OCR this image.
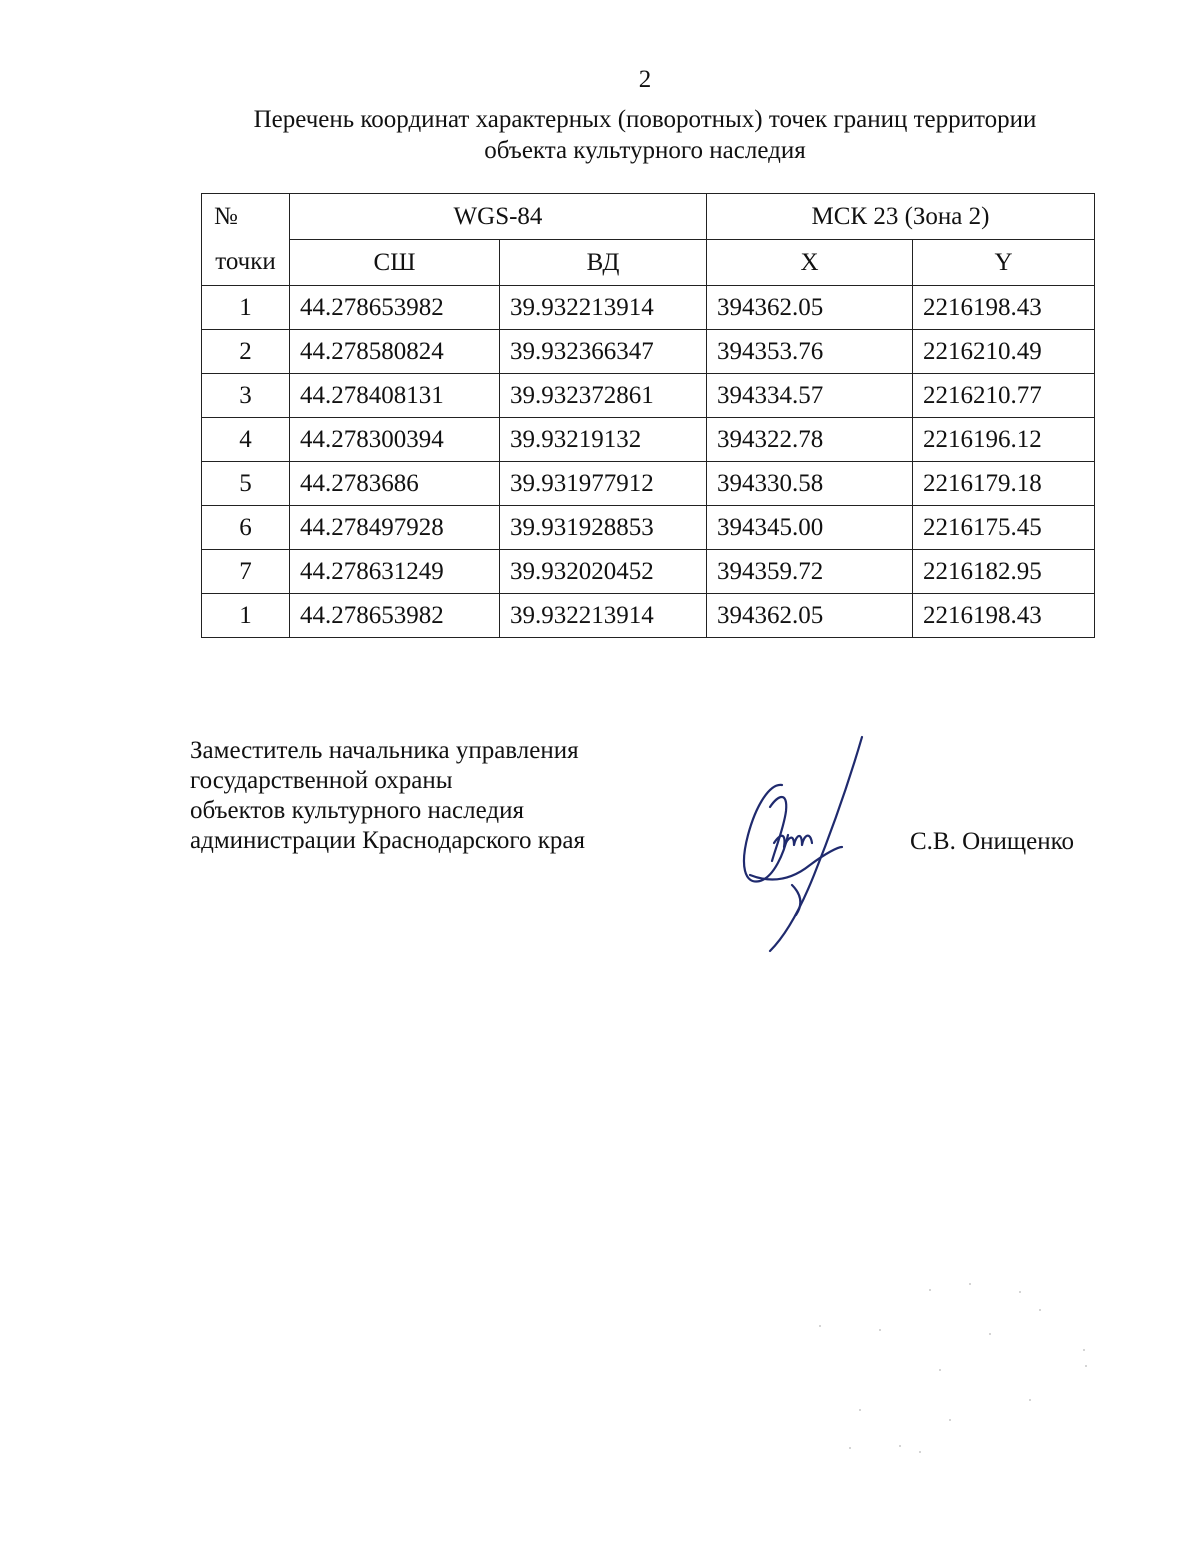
2
Перечень координат характерных (поворотных) точек границ территории
объекта культурного наследия
№	WGS-84		МСК 23 (Зона 2)	
точки	СШ	ВД	X	Y
1	44.278653982	39.932213914	394362.05	2216198.43
2	44.278580824	39.932366347	394353.76	2216210.49
3	44.278408131	39.932372861	394334.57	2216210.77
4	44.278300394	39.93219132	394322.78	2216196.12
5	44.2783686	39.931977912	394330.58	2216179.18
6	44.278497928	39.931928853	394345.00	2216175.45
7	44.278631249	39.932020452	394359.72	2216182.95
1	44.278653982	39.932213914	394362.05	2216198.43
Заместитель начальника управления
государственной охраны
объектов культурного наследия
администрации Краснодарского края	С.В. Онищенко
